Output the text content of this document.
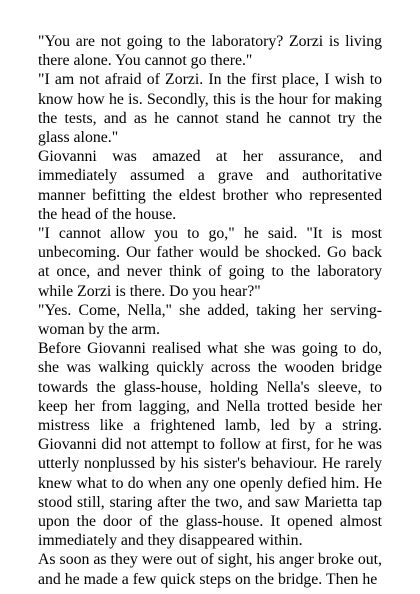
"You are not going to the laboratory? Zorzi is living there alone. You cannot go there."

"I am not afraid of Zorzi. In the first place, I wish to know how he is. Secondly, this is the hour for making the tests, and as he cannot stand he cannot try the glass alone."

Giovanni was amazed at her assurance, and immediately assumed a grave and authoritative manner befitting the eldest brother who represented the head of the house.

"I cannot allow you to go," he said. "It is most unbecoming. Our father would be shocked. Go back at once, and never think of going to the laboratory while Zorzi is there. Do you hear?"

"Yes. Come, Nella," she added, taking her serving-woman by the arm.

Before Giovanni realised what she was going to do, she was walking quickly across the wooden bridge towards the glass-house, holding Nella's sleeve, to keep her from lagging, and Nella trotted beside her mistress like a frightened lamb, led by a string. Giovanni did not attempt to follow at first, for he was utterly nonplussed by his sister's behaviour. He rarely knew what to do when any one openly defied him. He stood still, staring after the two, and saw Marietta tap upon the door of the glass-house. It opened almost immediately and they disappeared within.

As soon as they were out of sight, his anger broke out, and he made a few quick steps on the bridge. Then he
